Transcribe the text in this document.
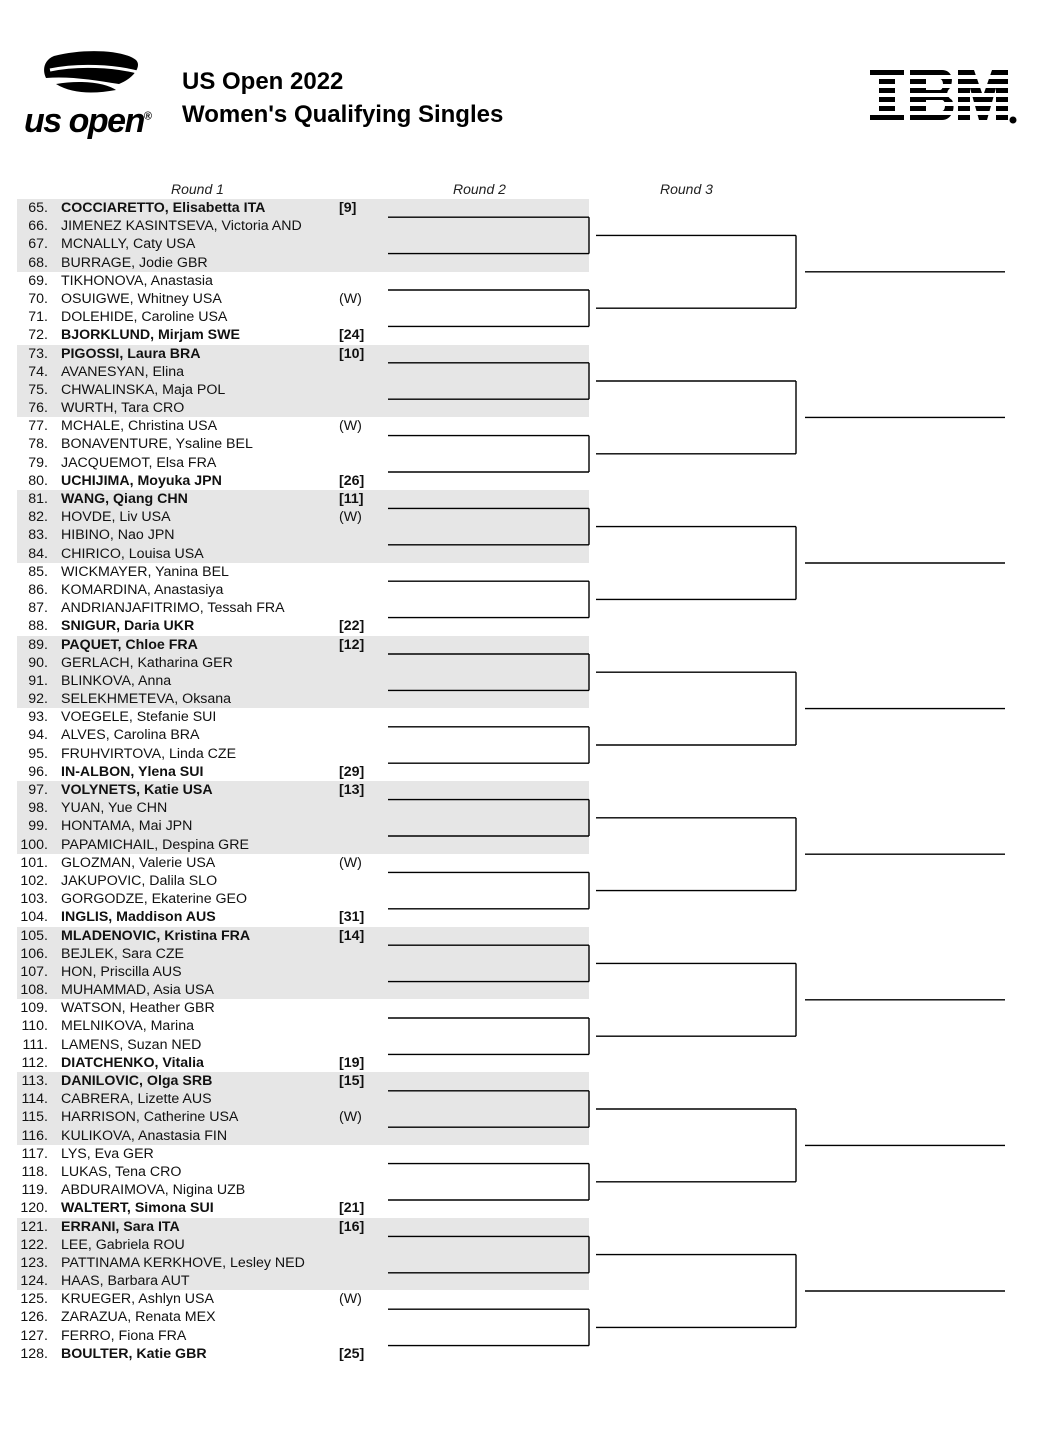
us open®
US Open 2022
Women's Qualifying Singles
Round 1	Round 2	Round 3
65. COCCIARETTO, Elisabetta ITA	[9]
66. JIMENEZ KASINTSEVA, Victoria AND
67. MCNALLY, Caty USA
68. BURRAGE, Jodie GBR
69. TIKHONOVA, Anastasia
70. OSUIGWE, Whitney USA	(W)
71. DOLEHIDE, Caroline USA
72. BJORKLUND, Mirjam SWE	[24]
73. PIGOSSI, Laura BRA	[10]
74. AVANESYAN, Elina
75. CHWALINSKA, Maja POL
76. WURTH, Tara CRO
77. MCHALE, Christina USA	(W)
78. BONAVENTURE, Ysaline BEL
79. JACQUEMOT, Elsa FRA
80. UCHIJIMA, Moyuka JPN	[26]
81. WANG, Qiang CHN	[11]
82. HOVDE, Liv USA	(W)
83. HIBINO, Nao JPN
84. CHIRICO, Louisa USA
85. WICKMAYER, Yanina BEL
86. KOMARDINA, Anastasiya
87. ANDRIANJAFITRIMO, Tessah FRA
88. SNIGUR, Daria UKR	[22]
89. PAQUET, Chloe FRA	[12]
90. GERLACH, Katharina GER
91. BLINKOVA, Anna
92. SELEKHMETEVA, Oksana
93. VOEGELE, Stefanie SUI
94. ALVES, Carolina BRA
95. FRUHVIRTOVA, Linda CZE
96. IN-ALBON, Ylena SUI	[29]
97. VOLYNETS, Katie USA	[13]
98. YUAN, Yue CHN
99. HONTAMA, Mai JPN
100. PAPAMICHAIL, Despina GRE
101. GLOZMAN, Valerie USA	(W)
102. JAKUPOVIC, Dalila SLO
103. GORGODZE, Ekaterine GEO
104. INGLIS, Maddison AUS	[31]
105. MLADENOVIC, Kristina FRA	[14]
106. BEJLEK, Sara CZE
107. HON, Priscilla AUS
108. MUHAMMAD, Asia USA
109. WATSON, Heather GBR
110. MELNIKOVA, Marina
111. LAMENS, Suzan NED
112. DIATCHENKO, Vitalia	[19]
113. DANILOVIC, Olga SRB	[15]
114. CABRERA, Lizette AUS
115. HARRISON, Catherine USA	(W)
116. KULIKOVA, Anastasia FIN
117. LYS, Eva GER
118. LUKAS, Tena CRO
119. ABDURAIMOVA, Nigina UZB
120. WALTERT, Simona SUI	[21]
121. ERRANI, Sara ITA	[16]
122. LEE, Gabriela ROU
123. PATTINAMA KERKHOVE, Lesley NED
124. HAAS, Barbara AUT
125. KRUEGER, Ashlyn USA	(W)
126. ZARAZUA, Renata MEX
127. FERRO, Fiona FRA
128. BOULTER, Katie GBR	[25]
